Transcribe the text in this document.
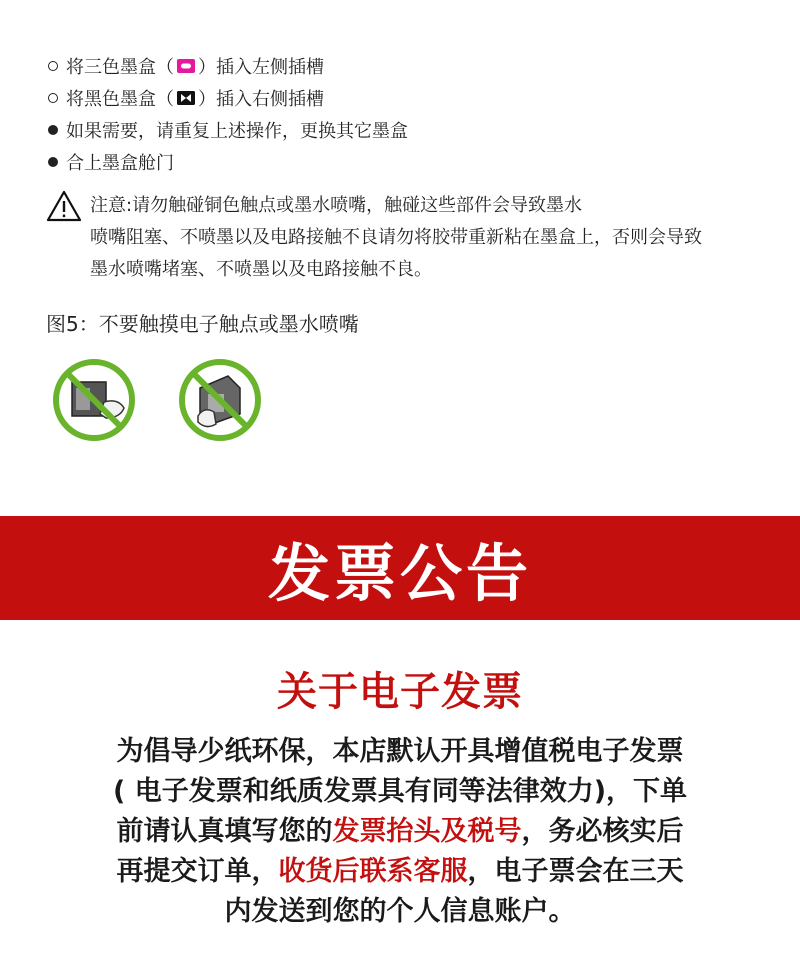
将三色墨盒（ ）插入左侧插槽
将黑色墨盒（ ）插入右侧插槽
如果需要，请重复上述操作，更换其它墨盒
合上墨盒舱门
注意:请勿触碰铜色触点或墨水喷嘴，触碰这些部件会导致墨水
喷嘴阻塞、不喷墨以及电路接触不良请勿将胶带重新粘在墨盒上，否则会导致
墨水喷嘴堵塞、不喷墨以及电路接触不良。
图5：不要触摸电子触点或墨水喷嘴
发票公告
关于电子发票
为倡导少纸环保，本店默认开具增值税电子发票
( 电子发票和纸质发票具有同等法律效力)，下单
前请认真填写您的发票抬头及税号，务必核实后
再提交订单，收货后联系客服，电子票会在三天
内发送到您的个人信息账户。
